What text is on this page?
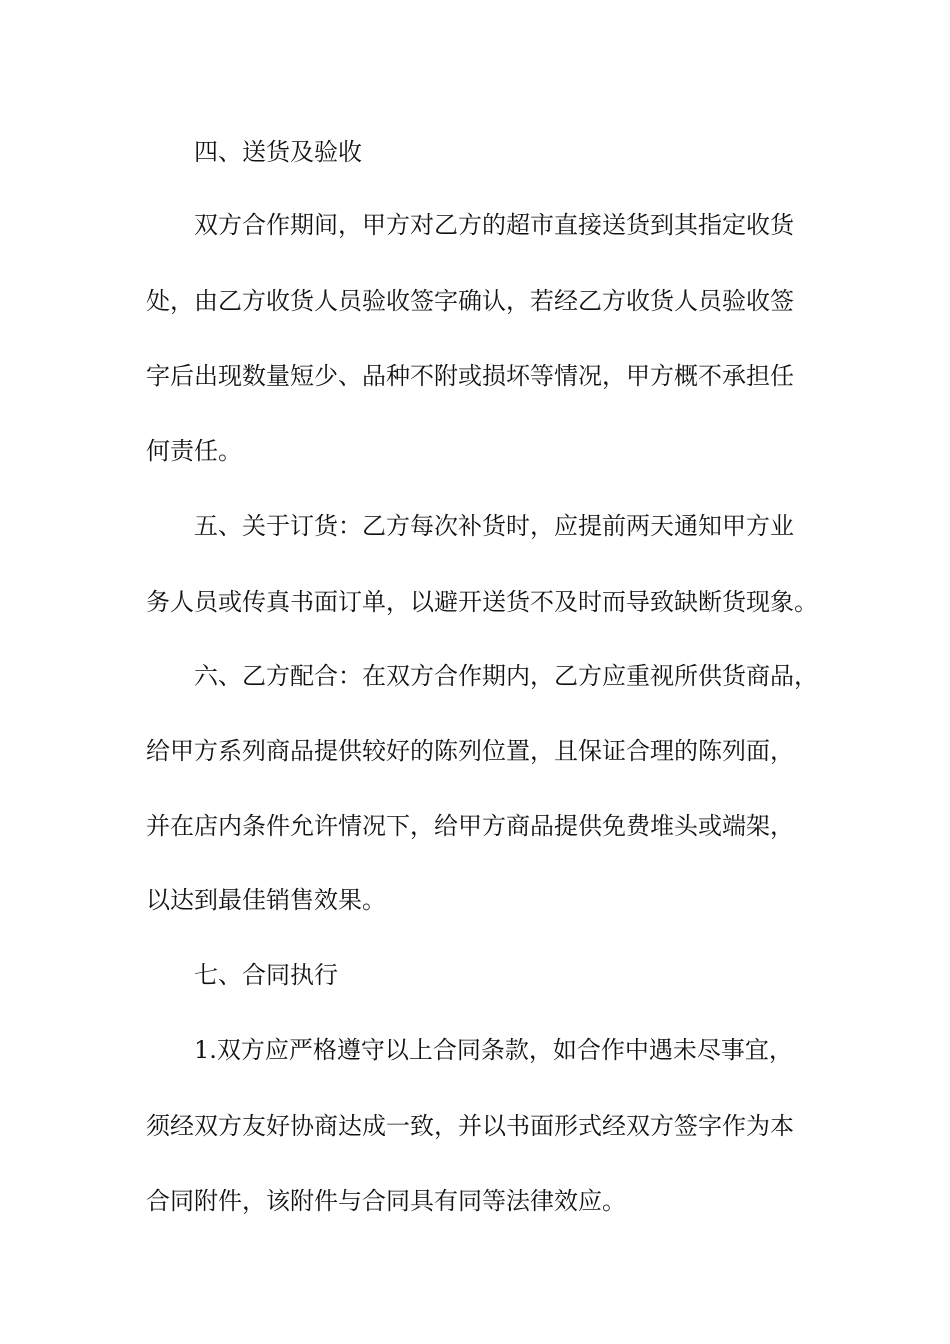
四、送货及验收

双方合作期间，甲方对乙方的超市直接送货到其指定收货

处，由乙方收货人员验收签字确认，若经乙方收货人员验收签

字后出现数量短少、品种不附或损坏等情况，甲方概不承担任

何责任。

五、关于订货：乙方每次补货时，应提前两天通知甲方业

务人员或传真书面订单，以避开送货不及时而导致缺断货现象。

六、乙方配合：在双方合作期内，乙方应重视所供货商品，

给甲方系列商品提供较好的陈列位置，且保证合理的陈列面，

并在店内条件允许情况下，给甲方商品提供免费堆头或端架，

以达到最佳销售效果。

七、合同执行

1.双方应严格遵守以上合同条款，如合作中遇未尽事宜，

须经双方友好协商达成一致，并以书面形式经双方签字作为本

合同附件，该附件与合同具有同等法律效应。
